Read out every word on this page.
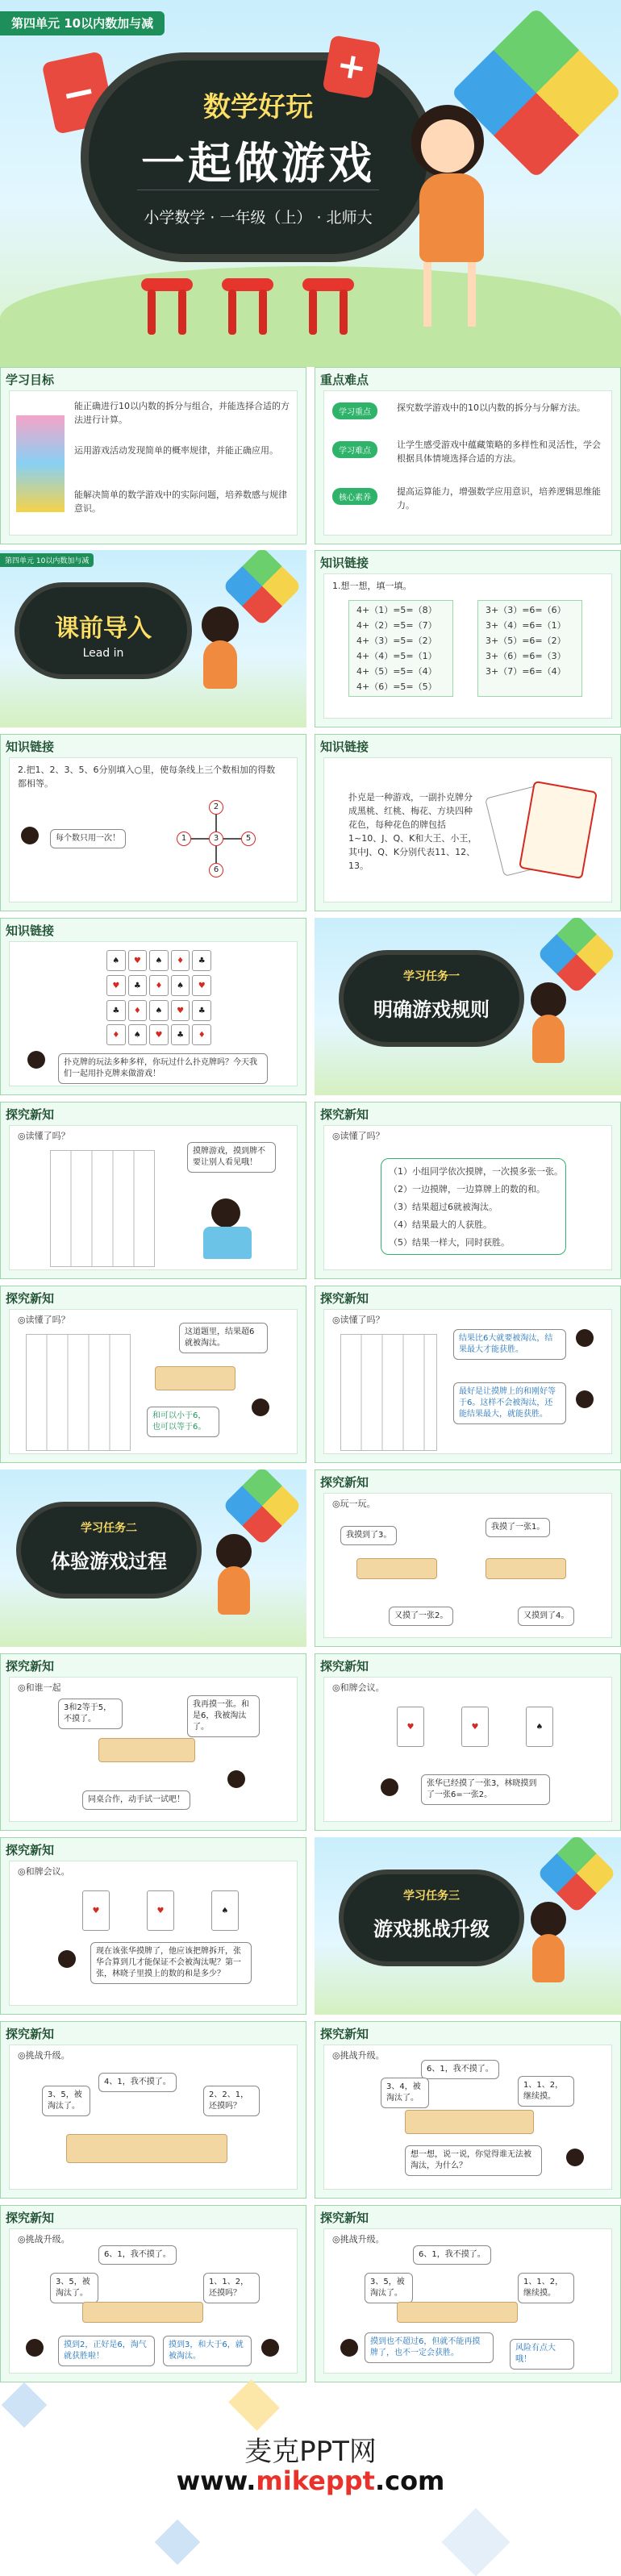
第四单元 10以内数加与减
−	数学好玩
一起做游戏
小学数学 · 一年级（上） · 北师大
+
学习目标
能正确进行10以内数的拆分与组合，并能选择合适的方法进行计算。
运用游戏活动发现简单的概率规律，并能正确应用。
能解决简单的数学游戏中的实际问题，培养数感与规律意识。
重点难点
学习重点	探究数学游戏中的10以内数的拆分与分解方法。
学习难点
让学生感受游戏中蕴藏策略的多样性和灵活性，学会根据具体情境选择合适的方法。
核心素养
提高运算能力，增强数学应用意识，培养逻辑思维能力。
第四单元 10以内数加与减
课前导入
Lead in
知识链接
1.想一想，填一填。
4+（1）=5=（8）
4+（2）=5=（7）
4+（3）=5=（2）
4+（4）=5=（1）
4+（5）=5=（4）
4+（6）=5=（5）
3+（3）=6=（6）
3+（4）=6=（1）
3+（5）=6=（2）
3+（6）=6=（3）
3+（7）=6=（4）
知识链接
2.把1、2、3、5、6分别填入○里，使每条线上三个数相加的得数都相等。
每个数只用一次！
2
1	3	5
6
知识链接
扑克是一种游戏，一副扑克牌分成黑桃、红桃、梅花、方块四种花色，每种花色的牌包括1~10、J、Q、K和大王、小王，其中J、Q、K分别代表11、12、13。
知识链接
♠	♥	♠	♦	♣
♥	♣	♦	♠	♥
♣	♦	♠	♥	♣
♦	♠	♥	♣	♦
扑克牌的玩法多种多样，你玩过什么扑克牌吗？今天我们一起用扑克牌来做游戏！
学习任务一
明确游戏规则
探究新知
◎读懂了吗？
摸牌游戏，摸到牌不要让别人看见哦！
探究新知
◎读懂了吗？
（1）小组同学依次摸牌，一次摸多张一张。
（2）一边摸牌，一边算牌上的数的和。
（3）结果超过6就被淘汰。
（4）结果最大的人获胜。
（5）结果一样大，同时获胜。
探究新知
◎读懂了吗？
这道题里，结果超6就被淘汰。
和可以小于6，也可以等于6。
探究新知
◎读懂了吗？
结果比6大就要被淘汰，结果最大才能获胜。
最好是让摸牌上的和刚好等于6。这样不会被淘汰，还能结果最大，就能获胜。
学习任务二
体验游戏过程
探究新知
◎玩一玩。
我摸到了3。
我摸了一张1。
又摸了一张2。	又摸到了4。
探究新知
◎和谁一起
3和2等于5，不摸了。
我再摸一张。和是6，我被淘汰了。
同桌合作，动手试一试吧！
探究新知
◎和牌会议。
♥	♥	♠
张华已经摸了一张3，林晓摸到了一张6=一张2。
探究新知
◎和牌会议。
♥	♥	♠
现在该张华摸牌了，他应该把牌拆开，张华合算到几才能保证不会被淘汰呢？第一张，林晓子里摸上的数的和是多少？
学习任务三
游戏挑战升级
探究新知
◎挑战升级。
3、5，被淘汰了。
4、1，我不摸了。
2、2、1，还摸吗？
探究新知
◎挑战升级。
6、1，我不摸了。
1、1、2，继续摸。
3、4，被淘汰了。
想一想，说一说，你觉得谁无法被淘汰，为什么？
探究新知
◎挑战升级。
6、1，我不摸了。
3、5，被淘汰了。
1、1、2，还摸吗？
摸到2，正好是6，淘气就获胜啦！
摸到3，和大于6，就被淘汰。
探究新知
◎挑战升级。
6、1，我不摸了。
1、1、2，继续摸。
3、5，被淘汰了。
摸到也不超过6，但就不能再摸牌了，也不一定会获胜。
风险有点大哦！
麦克PPT网
www.mikeppt.com
